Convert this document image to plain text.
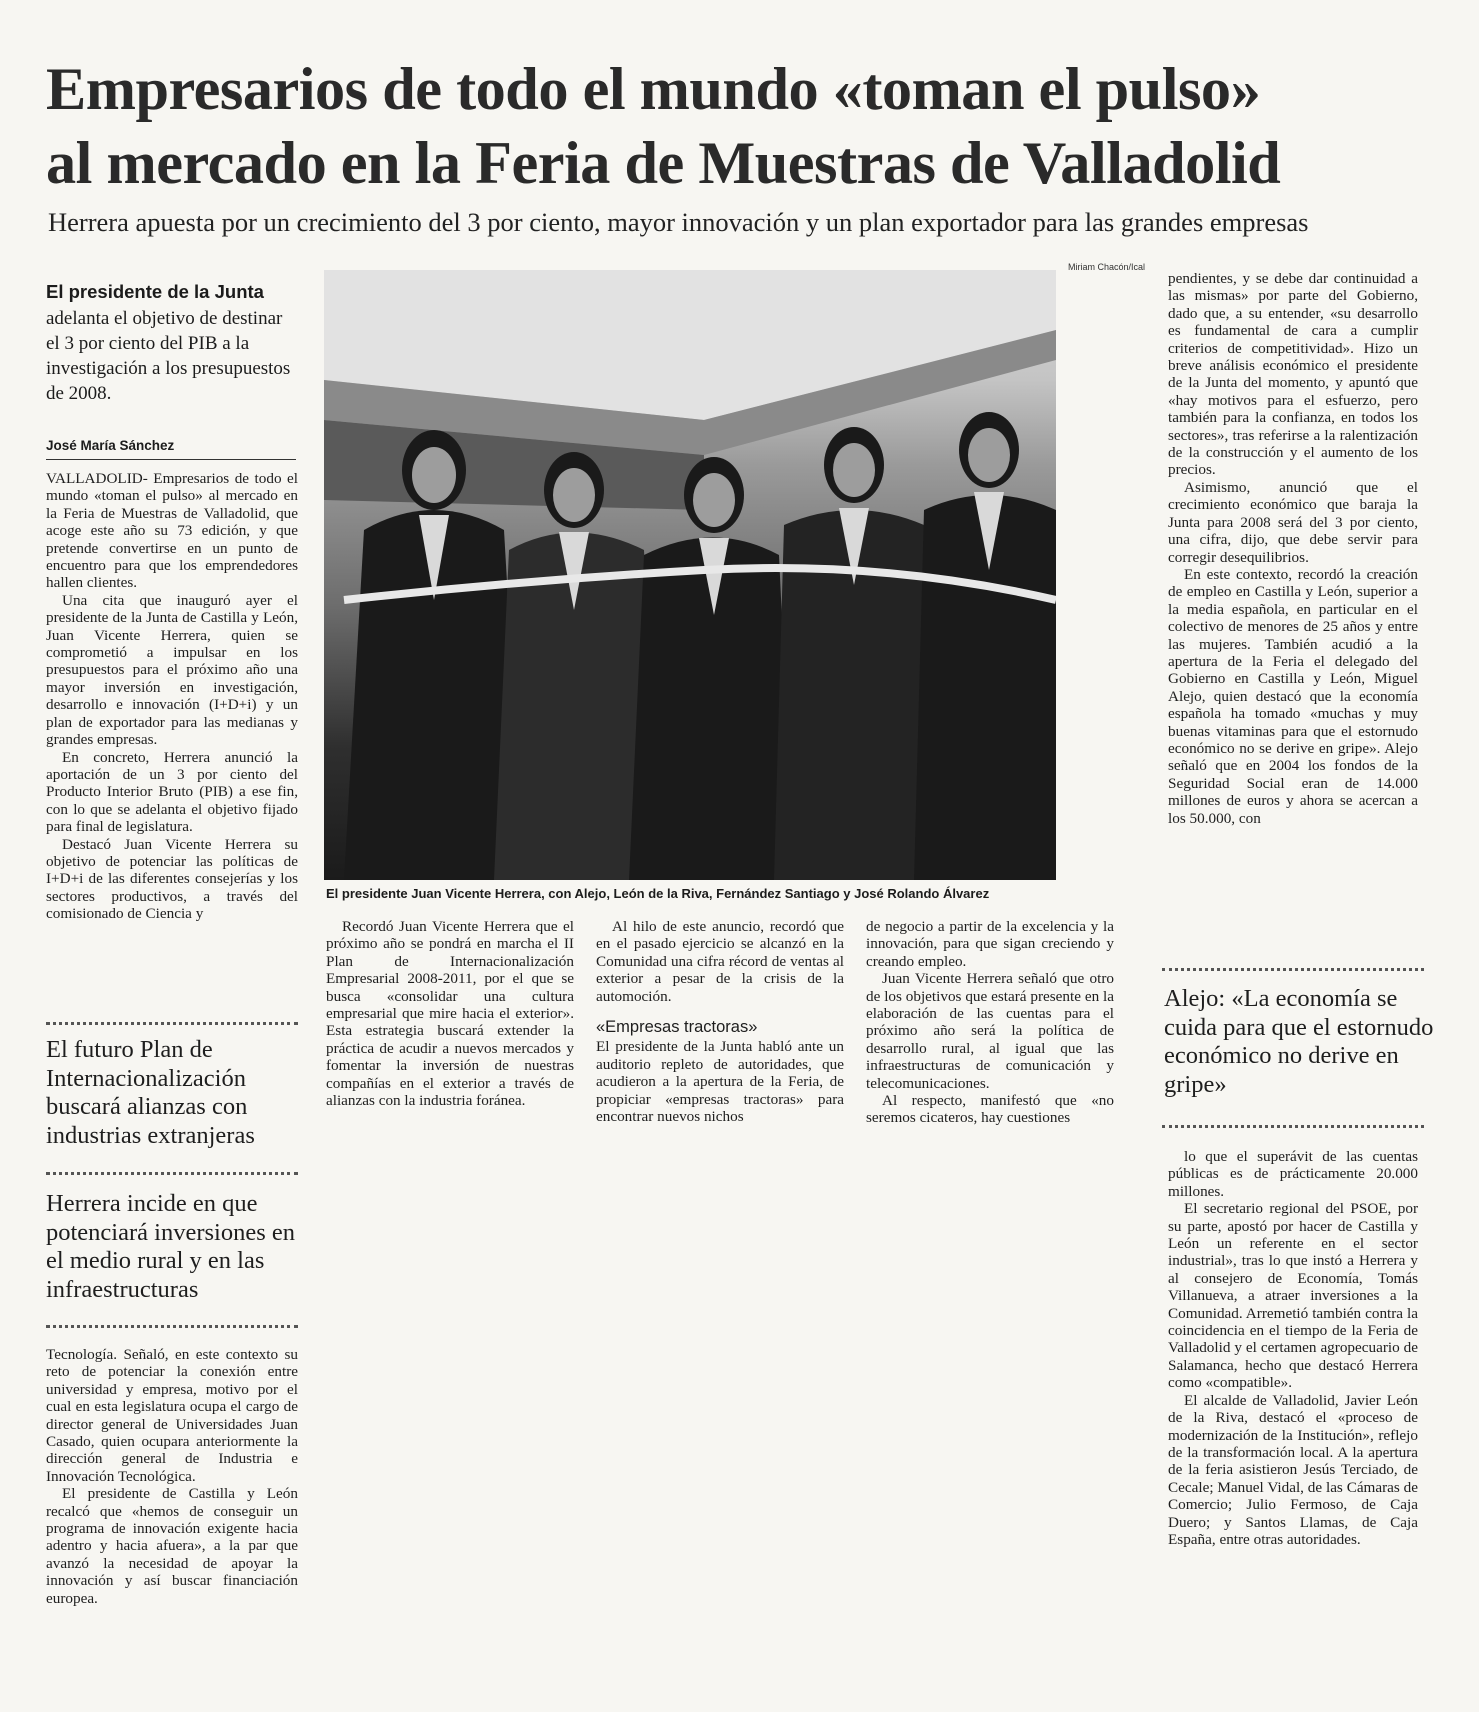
Empresarios de todo el mundo «toman el pulso»
al mercado en la Feria de Muestras de Valladolid
Herrera apuesta por un crecimiento del 3 por ciento, mayor innovación y un plan exportador para las grandes empresas
El presidente de la Junta
adelanta el objetivo de destinar el 3 por ciento del PIB a la investigación a los presupuestos de 2008.
José María Sánchez

VALLADOLID- Empresarios de todo el mundo «toman el pulso» al mercado en la Feria de Muestras de Valladolid, que acoge este año su 73 edición, y que pretende convertirse en un punto de encuentro para que los emprendedores hallen clientes.

Una cita que inauguró ayer el presidente de la Junta de Castilla y León, Juan Vicente Herrera, quien se comprometió a impulsar en los presupuestos para el próximo año una mayor inversión en investigación, desarrollo e innovación (I+D+i) y un plan de exportador para las medianas y grandes empresas.

En concreto, Herrera anunció la aportación de un 3 por ciento del Producto Interior Bruto (PIB) a ese fin, con lo que se adelanta el objetivo fijado para final de legislatura.

Destacó Juan Vicente Herrera su objetivo de potenciar las políticas de I+D+i de las diferentes consejerías y los sectores productivos, a través del comisionado de Ciencia y

El futuro Plan de Internacionalización buscará alianzas con industrias extranjeras
Herrera incide en que potenciará inversiones en el medio rural y en las infraestructuras

Tecnología. Señaló, en este contexto su reto de potenciar la conexión entre universidad y empresa, motivo por el cual en esta legislatura ocupa el cargo de director general de Universidades Juan Casado, quien ocupara anteriormente la dirección general de Industria e Innovación Tecnológica.

El presidente de Castilla y León recalcó que «hemos de conseguir un programa de innovación exigente hacia adentro y hacia afuera», a la par que avanzó la necesidad de apoyar la innovación y así buscar financiación europea.

Miriam Chacón/Ical
El presidente Juan Vicente Herrera, con Alejo, León de la Riva, Fernández Santiago y José Rolando Álvarez

Recordó Juan Vicente Herrera que el próximo año se pondrá en marcha el II Plan de Internacionalización Empresarial 2008-2011, por el que se busca «consolidar una cultura empresarial que mire hacia el exterior». Esta estrategia buscará extender la práctica de acudir a nuevos mercados y fomentar la inversión de nuestras compañías en el exterior a través de alianzas con la industria foránea.

Al hilo de este anuncio, recordó que en el pasado ejercicio se alcanzó en la Comunidad una cifra récord de ventas al exterior a pesar de la crisis de la automoción.

«Empresas tractoras»

El presidente de la Junta habló ante un auditorio repleto de autoridades, que acudieron a la apertura de la Feria, de propiciar «empresas tractoras» para encontrar nuevos nichos

de negocio a partir de la excelencia y la innovación, para que sigan creciendo y creando empleo.

Juan Vicente Herrera señaló que otro de los objetivos que estará presente en la elaboración de las cuentas para el próximo año será la política de desarrollo rural, al igual que las infraestructuras de comunicación y telecomunicaciones.

Al respecto, manifestó que «no seremos cicateros, hay cuestiones

pendientes, y se debe dar continuidad a las mismas» por parte del Gobierno, dado que, a su entender, «su desarrollo es fundamental de cara a cumplir criterios de competitividad». Hizo un breve análisis económico el presidente de la Junta del momento, y apuntó que «hay motivos para el esfuerzo, pero también para la confianza, en todos los sectores», tras referirse a la ralentización de la construcción y el aumento de los precios.

Asimismo, anunció que el crecimiento económico que baraja la Junta para 2008 será del 3 por ciento, una cifra, dijo, que debe servir para corregir desequilibrios.

En este contexto, recordó la creación de empleo en Castilla y León, superior a la media española, en particular en el colectivo de menores de 25 años y entre las mujeres. También acudió a la apertura de la Feria el delegado del Gobierno en Castilla y León, Miguel Alejo, quien destacó que la economía española ha tomado «muchas y muy buenas vitaminas para que el estornudo económico no se derive en gripe». Alejo señaló que en 2004 los fondos de la Seguridad Social eran de 14.000 millones de euros y ahora se acercan a los 50.000, con

Alejo: «La economía se cuida para que el estornudo económico no derive en gripe»

lo que el superávit de las cuentas públicas es de prácticamente 20.000 millones.

El secretario regional del PSOE, por su parte, apostó por hacer de Castilla y León un referente en el sector industrial», tras lo que instó a Herrera y al consejero de Economía, Tomás Villanueva, a atraer inversiones a la Comunidad. Arremetió también contra la coincidencia en el tiempo de la Feria de Valladolid y el certamen agropecuario de Salamanca, hecho que destacó Herrera como «compatible».

El alcalde de Valladolid, Javier León de la Riva, destacó el «proceso de modernización de la Institución», reflejo de la transformación local. A la apertura de la feria asistieron Jesús Terciado, de Cecale; Manuel Vidal, de las Cámaras de Comercio; Julio Fermoso, de Caja Duero; y Santos Llamas, de Caja España, entre otras autoridades.
